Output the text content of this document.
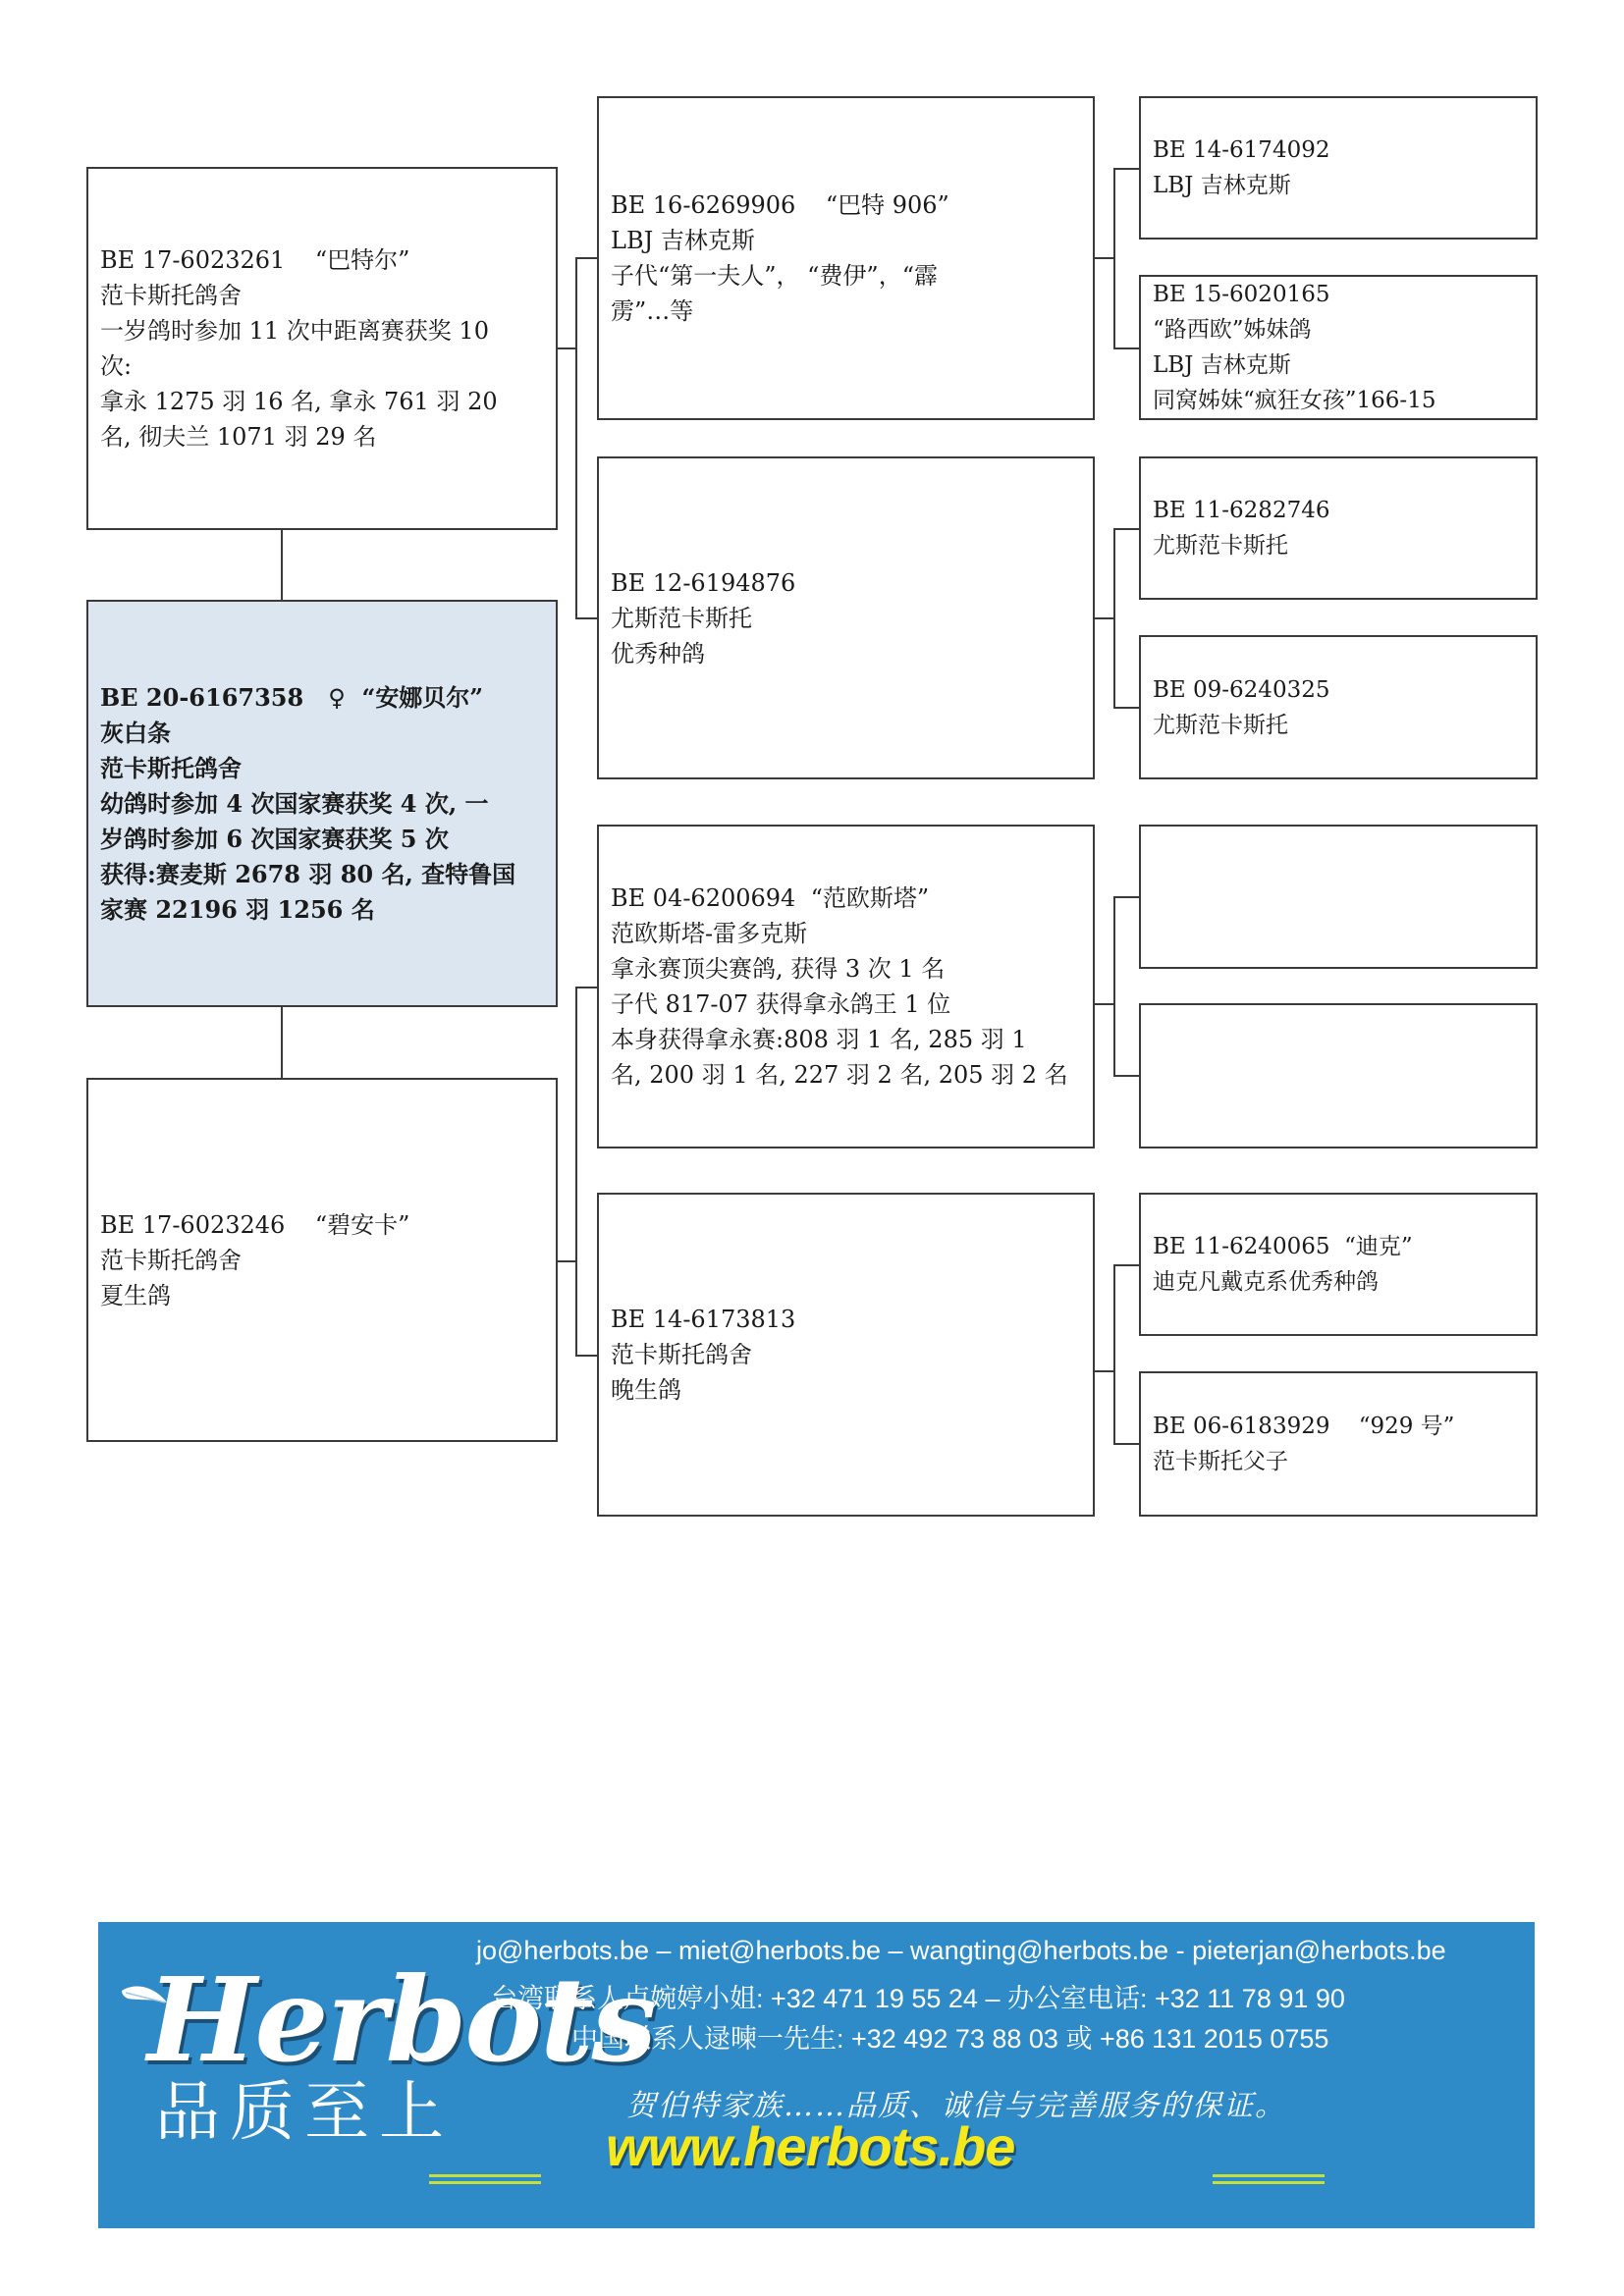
BE 17-6023261    “巴特尔”
范卡斯托鸽舍
一岁鸽时参加 11 次中距离赛获奖 10
次:
拿永 1275 羽 16 名, 拿永 761 羽 20
名, 彻夫兰 1071 羽 29 名
BE 20-6167358   ♀  “安娜贝尔”
灰白条
范卡斯托鸽舍
幼鸽时参加 4 次国家赛获奖 4 次, 一
岁鸽时参加 6 次国家赛获奖 5 次
获得:赛麦斯 2678 羽 80 名, 查特鲁国
家赛 22196 羽 1256 名
BE 17-6023246    “碧安卡”
范卡斯托鸽舍
夏生鸽
BE 16-6269906    “巴特 906”
LBJ 吉林克斯
子代“第一夫人”， “费伊”，“霹
雳”…等
BE 12-6194876
尤斯范卡斯托
优秀种鸽
BE 04-6200694  “范欧斯塔”
范欧斯塔-雷多克斯
拿永赛顶尖赛鸽, 获得 3 次 1 名
子代 817-07 获得拿永鸽王 1 位
本身获得拿永赛:808 羽 1 名, 285 羽 1
名, 200 羽 1 名, 227 羽 2 名, 205 羽 2 名
BE 14-6173813
范卡斯托鸽舍
晚生鸽
BE 14-6174092
LBJ 吉林克斯
BE 15-6020165
“路西欧”姊妹鸽
LBJ 吉林克斯
同窝姊妹“疯狂女孩”166-15
BE 11-6282746
尤斯范卡斯托
BE 09-6240325
尤斯范卡斯托
BE 11-6240065  “迪克”
迪克凡戴克系优秀种鸽
BE 06-6183929    “929 号”
范卡斯托父子
Herbots
品质至上
jo@herbots.be – miet@herbots.be – wangting@herbots.be - pieterjan@herbots.be
台湾联系人卢婉婷小姐: +32 471 19 55 24 – 办公室电话: +32 11 78 91 90
中国联系人逯暕一先生: +32 492 73 88 03 或 +86 131 2015 0755
贺伯特家族……品质、诚信与完善服务的保证。
www.herbots.be
